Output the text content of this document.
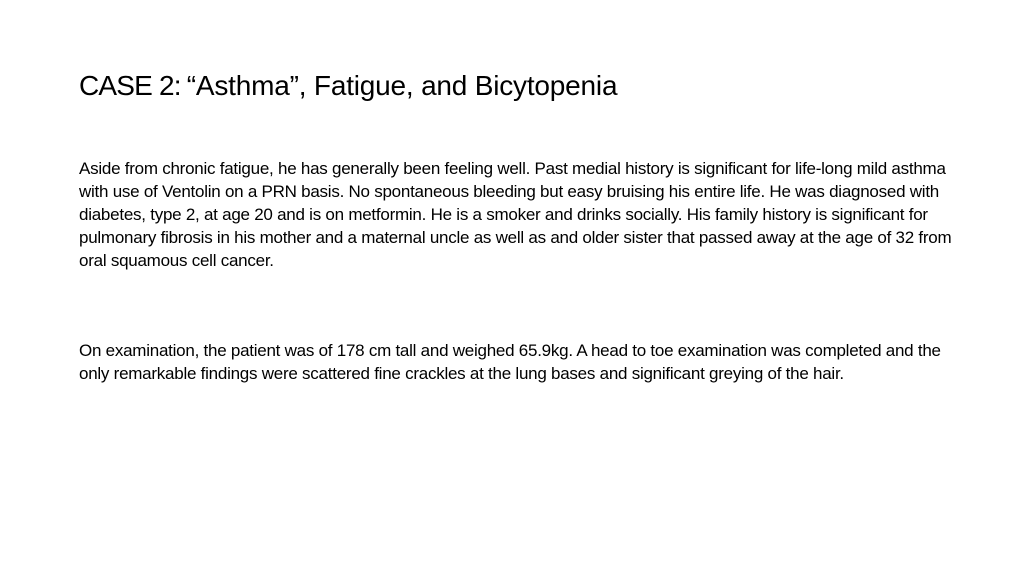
CASE 2: “Asthma”, Fatigue, and Bicytopenia

Aside from chronic fatigue, he has generally been feeling well. Past medial history is significant for life-long mild asthma with use of Ventolin on a PRN basis. No spontaneous bleeding but easy bruising his entire life. He was diagnosed with diabetes, type 2, at age 20 and is on metformin. He is a smoker and drinks socially. His family history is significant for pulmonary fibrosis in his mother and a maternal uncle as well as and older sister that passed away at the age of 32 from oral squamous cell cancer.

On examination, the patient was of 178 cm tall and weighed 65.9kg. A head to toe examination was completed and the only remarkable findings were scattered fine crackles at the lung bases and significant greying of the hair.
